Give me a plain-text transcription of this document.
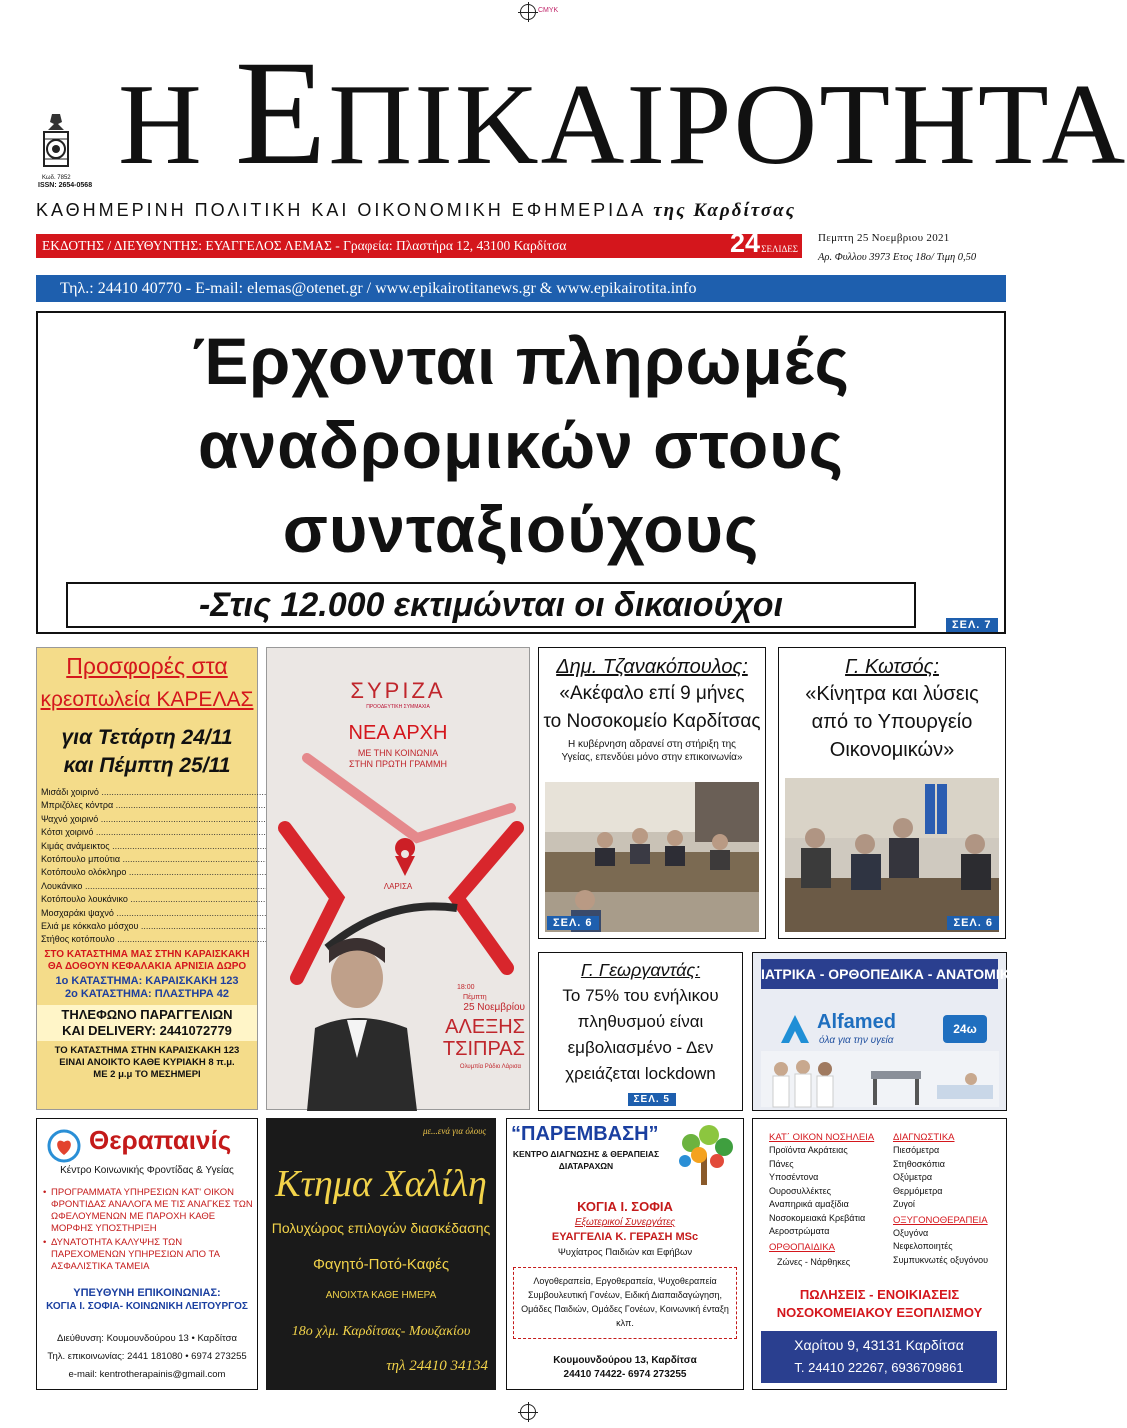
CMYK
Κωδ. 7852
ISSN: 2654-0568 Η ΕΠΙΚΑΙΡΟΤΗΤΑ
ΚΑΘΗΜΕΡΙΝΗ ΠΟΛΙΤΙΚΗ ΚΑΙ ΟΙΚΟΝΟΜΙΚΗ ΕΦΗΜΕΡΙΔΑ της Καρδίτσας
ΕΚΔΟΤΗΣ / ΔΙΕΥΘΥΝΤΗΣ: ΕΥΑΓΓΕΛΟΣ ΛΕΜΑΣ - Γραφεία: Πλαστήρα 12, 43100 Καρδίτσα	24 ΣΕΛΙΔΕΣ
Πεμπτη 25 Νοεμβριου 2021
Αρ. Φυλλου 3973 Ετος 18ο/ Τιμη 0,50
Τηλ.: 24410 40770 - E-mail: elemas@otenet.gr / www.epikairotitanews.gr & www.epikairotita.info
Έρχονται πληρωμές
αναδρομικών στους
συνταξιούχους
-Στις 12.000 εκτιμώνται οι δικαιούχοι
ΣΕΛ. 7
Προσφορές στα
κρεοπωλεία ΚΑΡΕΛΑΣ
για Τετάρτη 24/11
και Πέμπτη 25/11
Μισάδι χοιρινό .....
Μπριζόλες κόντρα .....
Ψαχνό χοιρινό .....
Κότσι χοιρινό .....
Κιμάς ανάμεικτος .....
Κοτόπουλο μπούτια .....
Κοτόπουλο ολόκληρο .....
Λουκάνικο .....
Κοτόπουλο λουκάνικο .....
Μοσχαράκι ψαχνό .....
Ελιά με κόκκαλο μόσχου .....
Στήθος κοτόπουλο .....
ΣΤΟ ΚΑΤΑΣΤΗΜΑ ΜΑΣ ΣΤΗΝ ΚΑΡΑΙΣΚΑΚΗ
ΘΑ ΔΟΘΟΥΝ ΚΕΦΑΛΑΚΙΑ ΑΡΝΙΣΙΑ ΔΩΡΟ
1ο ΚΑΤΑΣΤΗΜΑ: ΚΑΡΑΙΣΚΑΚΗ 123
2ο ΚΑΤΑΣΤΗΜΑ: ΠΛΑΣΤΗΡΑ 42
ΤΗΛΕΦΩΝΟ ΠΑΡΑΓΓΕΛΙΩΝ
ΚΑΙ DELIVERY: 2441072779
ΤΟ ΚΑΤΑΣΤΗΜΑ ΣΤΗΝ ΚΑΡΑΙΣΚΑΚΗ 123
ΕΙΝΑΙ ΑΝΟΙΚΤΟ ΚΑΘΕ ΚΥΡΙΑΚΗ 8 π.μ.
ΜΕ 2 μ.μ ΤΟ ΜΕΣΗΜΕΡΙ
ΣΥΡΙΖΑ
ΠΡΟΟΔΕΥΤΙΚΗ ΣΥΜΜΑΧΙΑ
ΝΕΑ ΑΡΧΗ
ΜΕ ΤΗΝ ΚΟΙΝΩΝΙΑ
ΣΤΗΝ ΠΡΩΤΗ ΓΡΑΜΜΗ
ΛΑΡΙΣΑ
18:00
Πέμπτη
25 Νοεμβρίου
ΑΛΕΞΗΣ
ΤΣΙΠΡΑΣ
Ολυμπία Ράδιο Λάρισα
Δημ. Τζανακόπουλος:
«Ακέφαλο επί 9 μήνες
το Νοσοκομείο Καρδίτσας
Η κυβέρνηση αδρανεί στη στήριξη της
Υγείας, επενδύει μόνο στην επικοινωνία»
ΣΕΛ. 6
Γ. Κωτσός:
«Κίνητρα και λύσεις
από το Υπουργείο
Οικονομικών»
ΣΕΛ. 6
Γ. Γεωργαντάς:
Το 75% του ενήλικου
πληθυσμού είναι
εμβολιασμένο - Δεν
χρειάζεται lockdown
ΣΕΛ. 5
ΙΑΤΡΙΚΑ - ΟΡΘΟΠΕΔΙΚΑ - ΑΝΑΤΟΜΙΚΑ
Alfamed
όλα για την υγεία
24ω
Θεραπαινίς
Κέντρο Κοινωνικής Φροντίδας & Υγείας
• ΠΡΟΓΡΑΜΜΑΤΑ ΥΠΗΡΕΣΙΩΝ ΚΑΤ' ΟΙΚΟΝ ΦΡΟΝΤΙΔΑΣ ΑΝΑΛΟΓΑ ΜΕ ΤΙΣ ΑΝΑΓΚΕΣ ΤΩΝ ΩΦΕΛΟΥΜΕΝΩΝ ΜΕ ΠΑΡΟΧΗ ΚΑΘΕ ΜΟΡΦΗΣ ΥΠΟΣΤΗΡΙΞΗ
• ΔΥΝΑΤΟΤΗΤΑ ΚΑΛΥΨΗΣ ΤΩΝ ΠΑΡΕΧΟΜΕΝΩΝ ΥΠΗΡΕΣΙΩΝ ΑΠΟ ΤΑ ΑΣΦΑΛΙΣΤΙΚΑ ΤΑΜΕΙΑ
ΥΠΕΥΘΥΝΗ ΕΠΙΚΟΙΝΩΝΙΑΣ:
ΚΟΓΙΑ Ι. ΣΟΦΙΑ- ΚΟΙΝΩΝΙΚΗ ΛΕΙΤΟΥΡΓΟΣ
Διεύθυνση: Κουμουνδούρου 13 • Καρδίτσα
Τηλ. επικοινωνίας: 2441 181080 • 6974 273255
e-mail: kentrotherapainis@gmail.com
με...ενά για όλους
Κτημα Χαλίλη
Πολυχώρος επιλογών διασκέδασης
Φαγητό-Ποτό-Καφές
ΑΝΟΙΧΤΑ ΚΑΘΕ ΗΜΕΡΑ
18ο χλμ. Καρδίτσας- Μουζακίου
τηλ 24410 34134
“ΠΑΡΕΜΒΑΣΗ”
ΚΕΝΤΡΟ ΔΙΑΓΝΩΣΗΣ & ΘΕΡΑΠΕΙΑΣ
ΔΙΑΤΑΡΑΧΩΝ
ΚΟΓΙΑ Ι. ΣΟΦΙΑ
Εξωτερικοί Συνεργάτες
ΕΥΑΓΓΕΛΙΑ Κ. ΓΕΡΑΣΗ MSc
Ψυχίατρος Παιδιών και Εφήβων
Λογοθεραπεία, Εργοθεραπεία, Ψυχοθεραπεία Συμβουλευτική Γονέων, Ειδική Διαπαιδαγώγηση, Ομάδες Παιδιών, Ομάδες Γονέων, Κοινωνική ένταξη κλπ.
Κουμουνδούρου 13, Καρδίτσα
24410 74422- 6974 273255
ΚΑΤ΄ ΟΙΚΟΝ ΝΟΣΗΛΕΙΑ
Προϊόντα Ακράτειας
Πάνες
Υποσέντονα
Ουροσυλλέκτες
Αναπηρικά αμαξίδια
Νοσοκομειακά Κρεβάτια
Αεροστρώματα
ΟΡΘΟΠΑΙΔΙΚΑ
Ζώνες - Νάρθηκες
ΔΙΑΓΝΩΣΤΙΚΑ
Πιεσόμετρα
Στηθοσκόπια
Οξύμετρα
Θερμόμετρα
Ζυγοί
ΟΞΥΓΟΝΟΘΕΡΑΠΕΙΑ
Οξυγόνα
Νεφελοποιητές
Συμπυκνωτές οξυγόνου
ΠΩΛΗΣΕΙΣ - ΕΝΟΙΚΙΑΣΕΙΣ
ΝΟΣΟΚΟΜΕΙΑΚΟΥ ΕΞΟΠΛΙΣΜΟΥ
Χαρίτου 9, 43131 Καρδίτσα
Τ. 24410 22267, 6936709861
